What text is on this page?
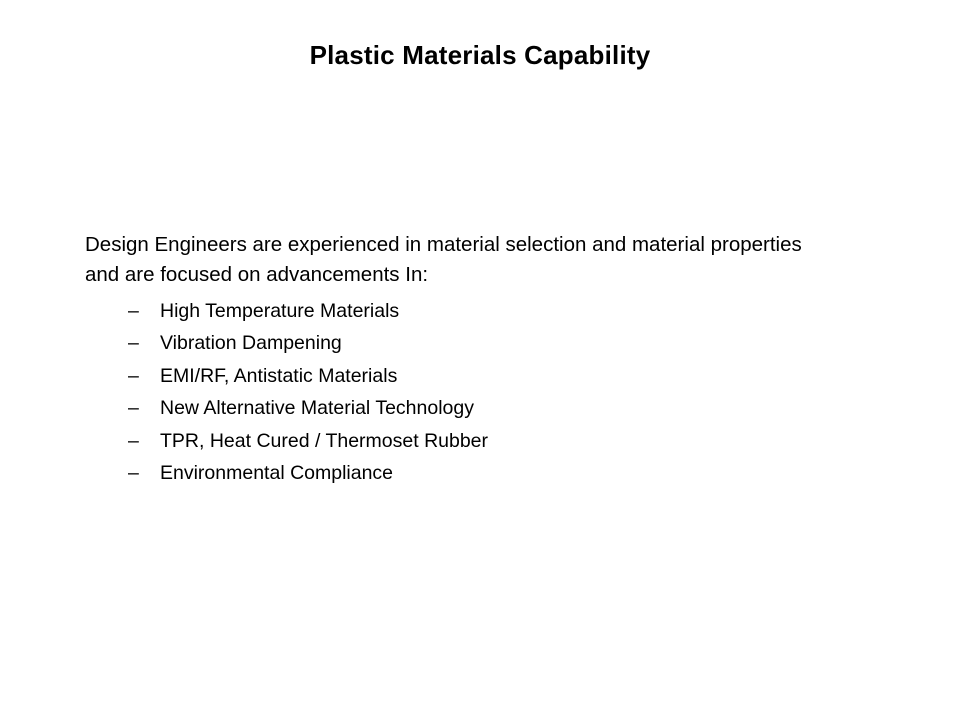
Plastic Materials Capability

Design Engineers are experienced in material selection and material properties and are focused on advancements In:

–	High Temperature Materials
–	Vibration Dampening
–	EMI/RF, Antistatic Materials
–	New Alternative Material Technology
–	TPR, Heat Cured / Thermoset Rubber
–	Environmental Compliance
